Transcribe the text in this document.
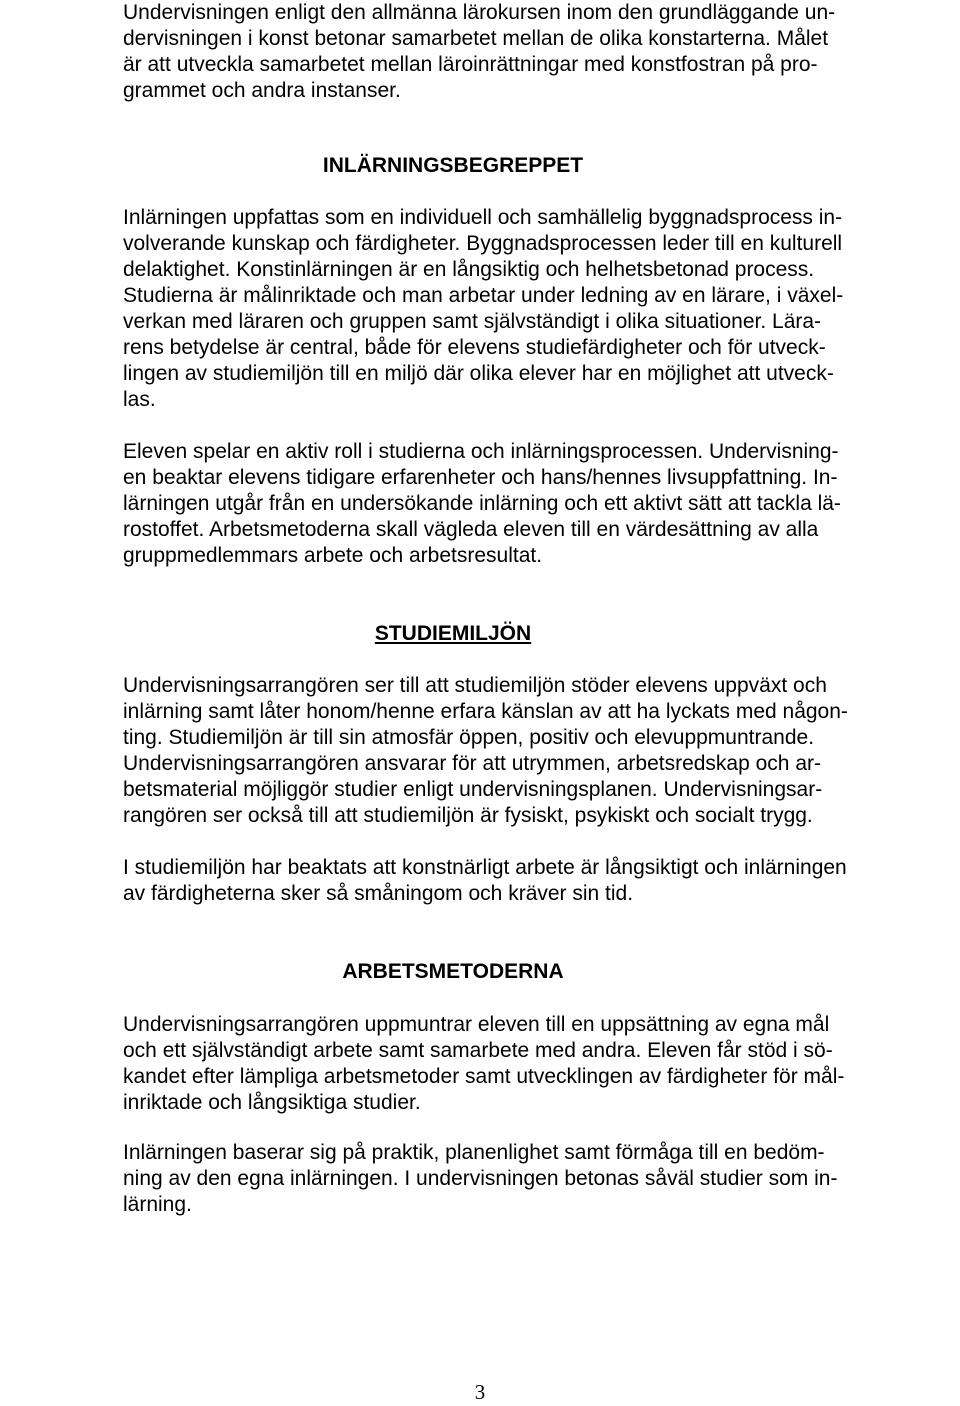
Undervisningen enligt den allmänna lärokursen inom den grundläggande un-
dervisningen i konst betonar samarbetet mellan de olika konstarterna. Målet
är att utveckla samarbetet mellan läroinrättningar med konstfostran på pro-
grammet och andra instanser.
INLÄRNINGSBEGREPPET
Inlärningen uppfattas som en individuell och samhällelig byggnadsprocess in-
volverande kunskap och färdigheter. Byggnadsprocessen leder till en kulturell
delaktighet. Konstinlärningen är en långsiktig och helhetsbetonad process.
Studierna är målinriktade och man arbetar under ledning av en lärare, i växel-
verkan med läraren och gruppen samt självständigt i olika situationer. Lära-
rens betydelse är central, både för elevens studiefärdigheter och för utveck-
lingen av studiemiljön till en miljö där olika elever har en möjlighet att utveck-
las.
Eleven spelar en aktiv roll i studierna och inlärningsprocessen. Undervisning-
en beaktar elevens tidigare erfarenheter och hans/hennes livsuppfattning. In-
lärningen utgår från en undersökande inlärning och ett aktivt sätt att tackla lä-
rostoffet. Arbetsmetoderna skall vägleda eleven till en värdesättning av alla
gruppmedlemmars arbete och arbetsresultat.
STUDIEMILJÖN
Undervisningsarrangören ser till att studiemiljön stöder elevens uppväxt och
inlärning samt låter honom/henne erfara känslan av att ha lyckats med någon-
ting. Studiemiljön är till sin atmosfär öppen, positiv och elevuppmuntrande.
Undervisningsarrangören ansvarar för att utrymmen, arbetsredskap och ar-
betsmaterial möjliggör studier enligt undervisningsplanen. Undervisningsar-
rangören ser också till att studiemiljön är fysiskt, psykiskt och socialt trygg.
I studiemiljön har beaktats att konstnärligt arbete är långsiktigt och inlärningen
av färdigheterna sker så småningom och kräver sin tid.
ARBETSMETODERNA
Undervisningsarrangören uppmuntrar eleven till en uppsättning av egna mål
och ett självständigt arbete samt samarbete med andra. Eleven får stöd i sö-
kandet efter lämpliga arbetsmetoder samt utvecklingen av färdigheter för mål-
inriktade och långsiktiga studier.
Inlärningen baserar sig på praktik, planenlighet samt förmåga till en bedöm-
ning av den egna inlärningen. I undervisningen betonas såväl studier som in-
lärning.
3
